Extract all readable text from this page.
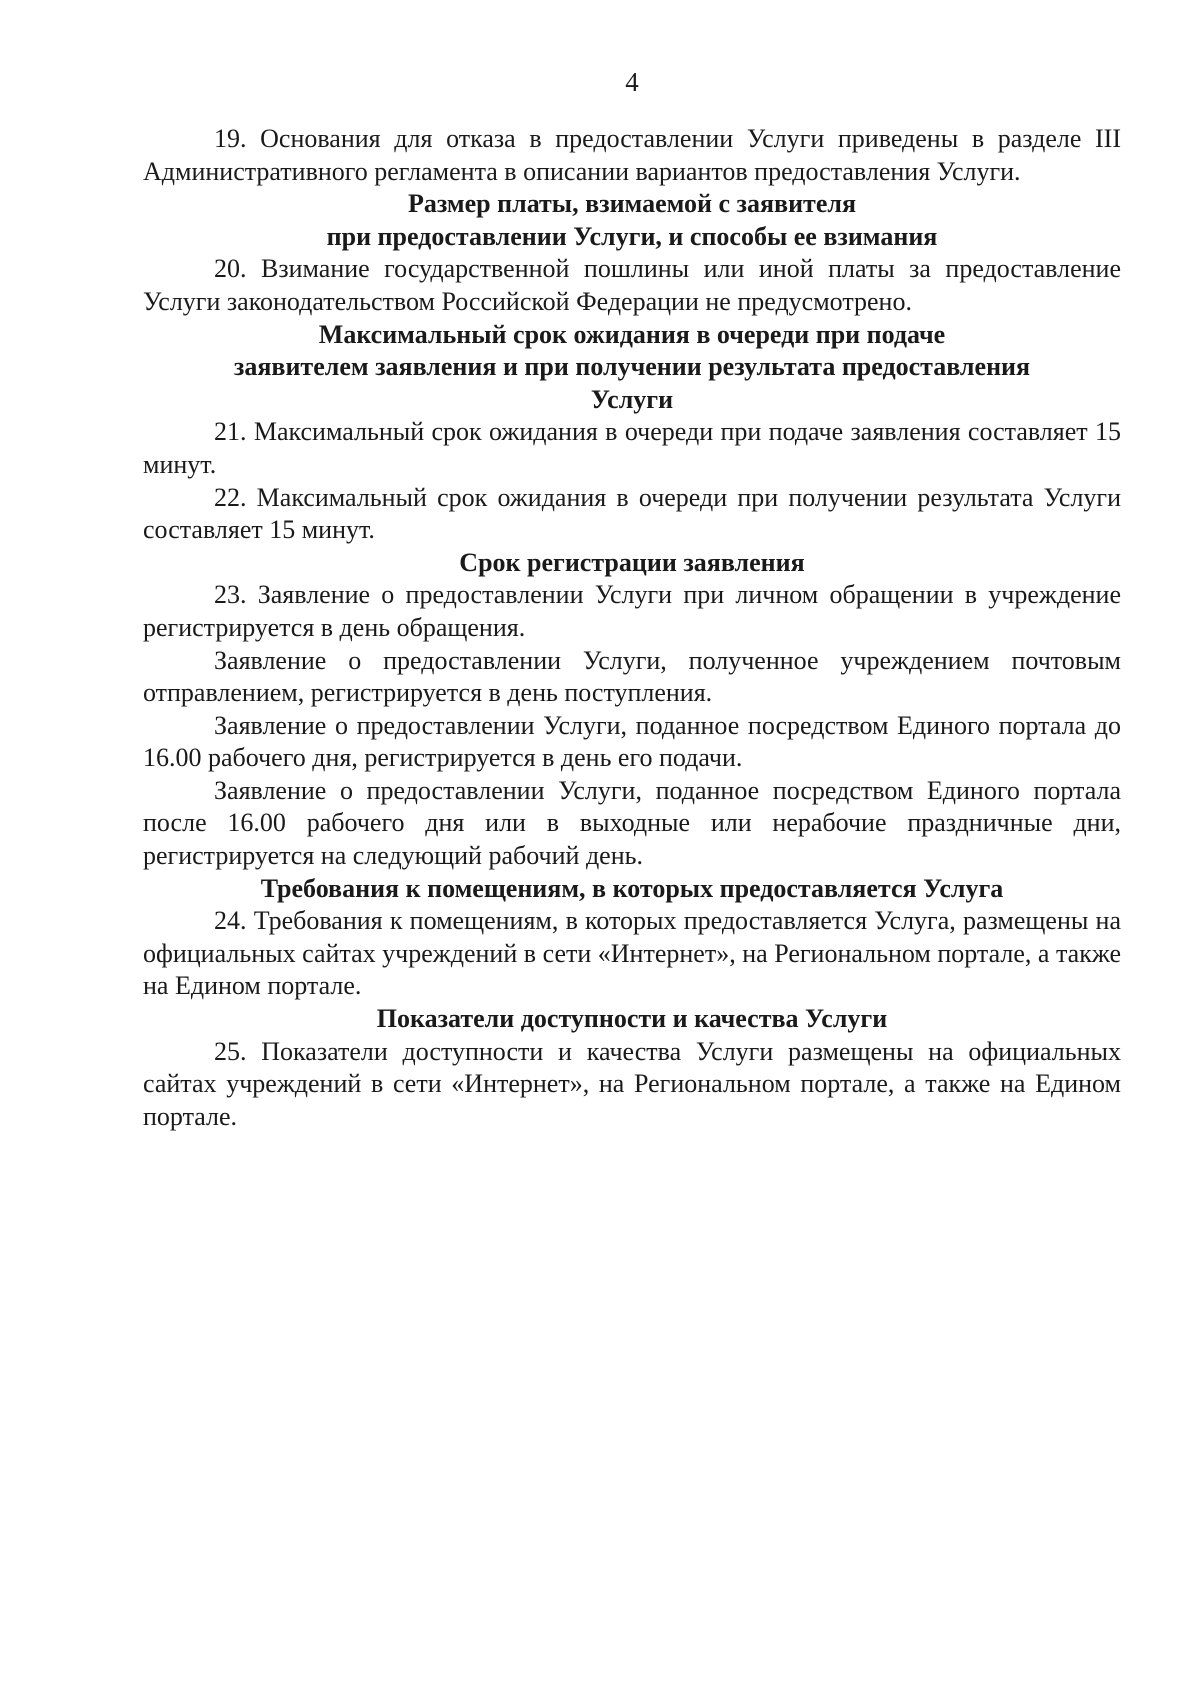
4

19. Основания для отказа в предоставлении Услуги приведены в разделе III Административного регламента в описании вариантов предоставления Услуги.

Размер платы, взимаемой с заявителя
при предоставлении Услуги, и способы ее взимания

20. Взимание государственной пошлины или иной платы за предоставление Услуги законодательством Российской Федерации не предусмотрено.

Максимальный срок ожидания в очереди при подаче
заявителем заявления и при получении результата предоставления
Услуги

21. Максимальный срок ожидания в очереди при подаче заявления составляет 15 минут.

22. Максимальный срок ожидания в очереди при получении результата Услуги составляет 15 минут.

Срок регистрации заявления

23. Заявление о предоставлении Услуги при личном обращении в учреждение регистрируется в день обращения.

Заявление о предоставлении Услуги, полученное учреждением почтовым отправлением, регистрируется в день поступления.

Заявление о предоставлении Услуги, поданное посредством Единого портала до 16.00 рабочего дня, регистрируется в день его подачи.

Заявление о предоставлении Услуги, поданное посредством Единого портала после 16.00 рабочего дня или в выходные или нерабочие праздничные дни, регистрируется на следующий рабочий день.

Требования к помещениям, в которых предоставляется Услуга

24. Требования к помещениям, в которых предоставляется Услуга, размещены на официальных сайтах учреждений в сети «Интернет», на Региональном портале, а также на Едином портале.

Показатели доступности и качества Услуги

25. Показатели доступности и качества Услуги размещены на официальных сайтах учреждений в сети «Интернет», на Региональном портале, а также на Едином портале.
